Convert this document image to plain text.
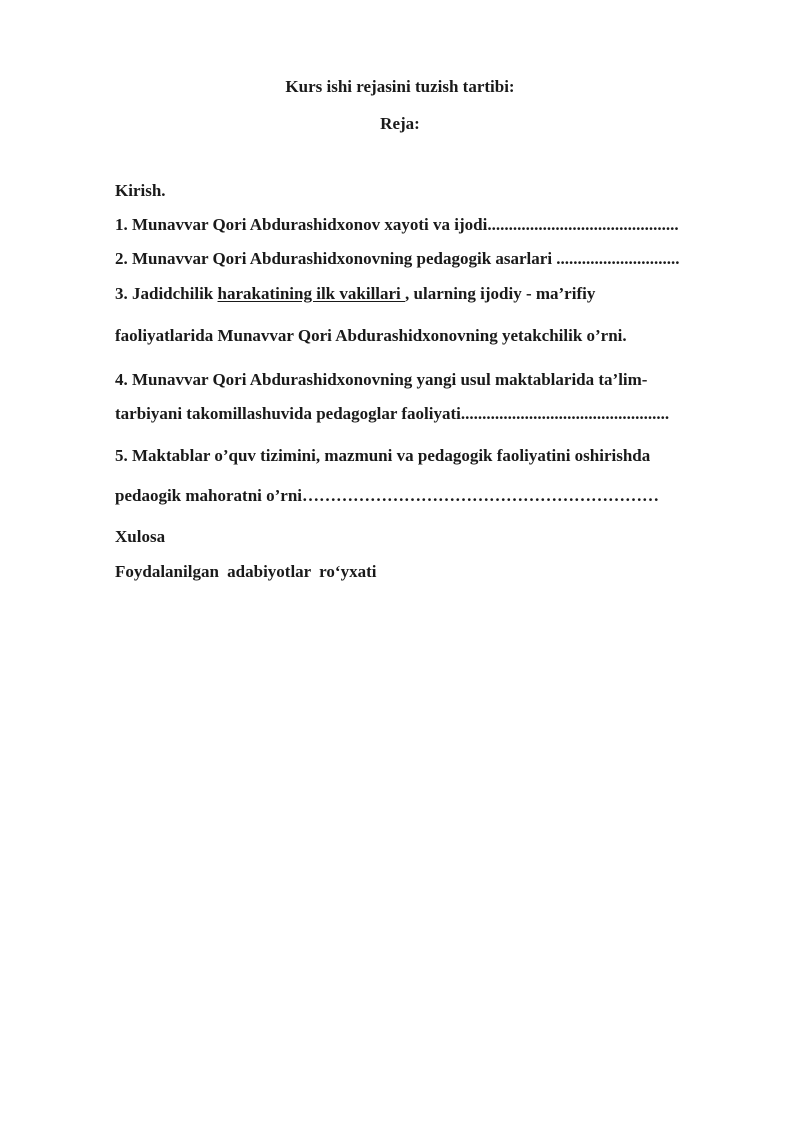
Kurs ishi rejasini tuzish tartibi:
Reja:
Kirish.
1. Munavvar Qori Abdurashidxonov xayoti va ijodi.............................................
2. Munavvar Qori Abdurashidxonovning pedagogik asarlari .............................
3. Jadidchilik harakatining ilk vakillari , ularning ijodiy - ma’rifiy
faoliyatlarida Munavvar Qori Abdurashidxonovning yetakchilik o’rni.
4. Munavvar Qori Abdurashidxonovning yangi usul maktablarida ta’lim-
tarbiyani takomillashuvida pedagoglar faoliyati.................................................
5. Maktablar o’quv tizimini, mazmuni va pedagogik faoliyatini oshirishda
pedaogik mahoratni o’rni………………………………………………………
Xulosa
Foydalanilgan adabiyotlar ro‘yxati
